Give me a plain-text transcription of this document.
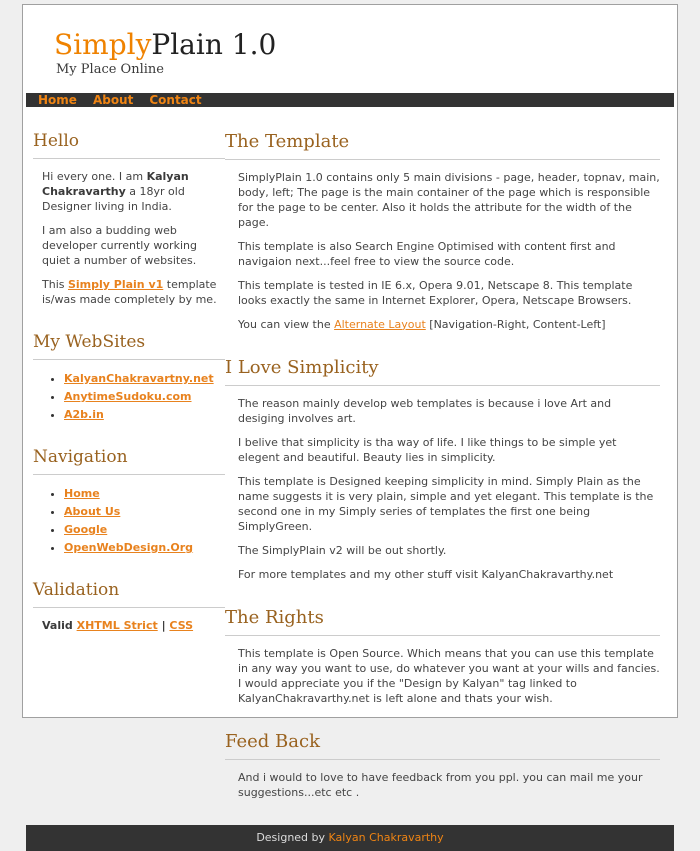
SimplyPlain 1.0
My Place Online
Home About Contact
Hello

Hi every one. I am Kalyan Chakravarthy a 18yr old Designer living in India.

I am also a budding web developer currently working quiet a number of websites.

This Simply Plain v1 template is/was made completely by me.

My WebSites
• KalyanChakravartny.net
• AnytimeSudoku.com
• A2b.in
Navigation
• Home
• About Us
• Google
• OpenWebDesign.Org
Validation

Valid XHTML Strict | CSS

The Template

SimplyPlain 1.0 contains only 5 main divisions - page, header, topnav, main, body, left; The page is the main container of the page which is responsible for the page to be center. Also it holds the attribute for the width of the page.

This template is also Search Engine Optimised with content first and navigaion next...feel free to view the source code.

This template is tested in IE 6.x, Opera 9.01, Netscape 8. This template looks exactly the same in Internet Explorer, Opera, Netscape Browsers.

You can view the Alternate Layout [Navigation-Right, Content-Left]

I Love Simplicity

The reason mainly develop web templates is because i love Art and desiging involves art.

I belive that simplicity is tha way of life. I like things to be simple yet elegent and beautiful. Beauty lies in simplicity.

This template is Designed keeping simplicity in mind. Simply Plain as the name suggests it is very plain, simple and yet elegant. This template is the second one in my Simply series of templates the first one being SimplyGreen.

The SimplyPlain v2 will be out shortly.

For more templates and my other stuff visit KalyanChakravarthy.net

The Rights

This template is Open Source. Which means that you can use this template in any way you want to use, do whatever you want at your wills and fancies. I would appreciate you if the "Design by Kalyan" tag linked to KalyanChakravarthy.net is left alone and thats your wish.

Feed Back

And i would to love to have feedback from you ppl. you can mail me your suggestions...etc etc .

Designed by Kalyan Chakravarthy
